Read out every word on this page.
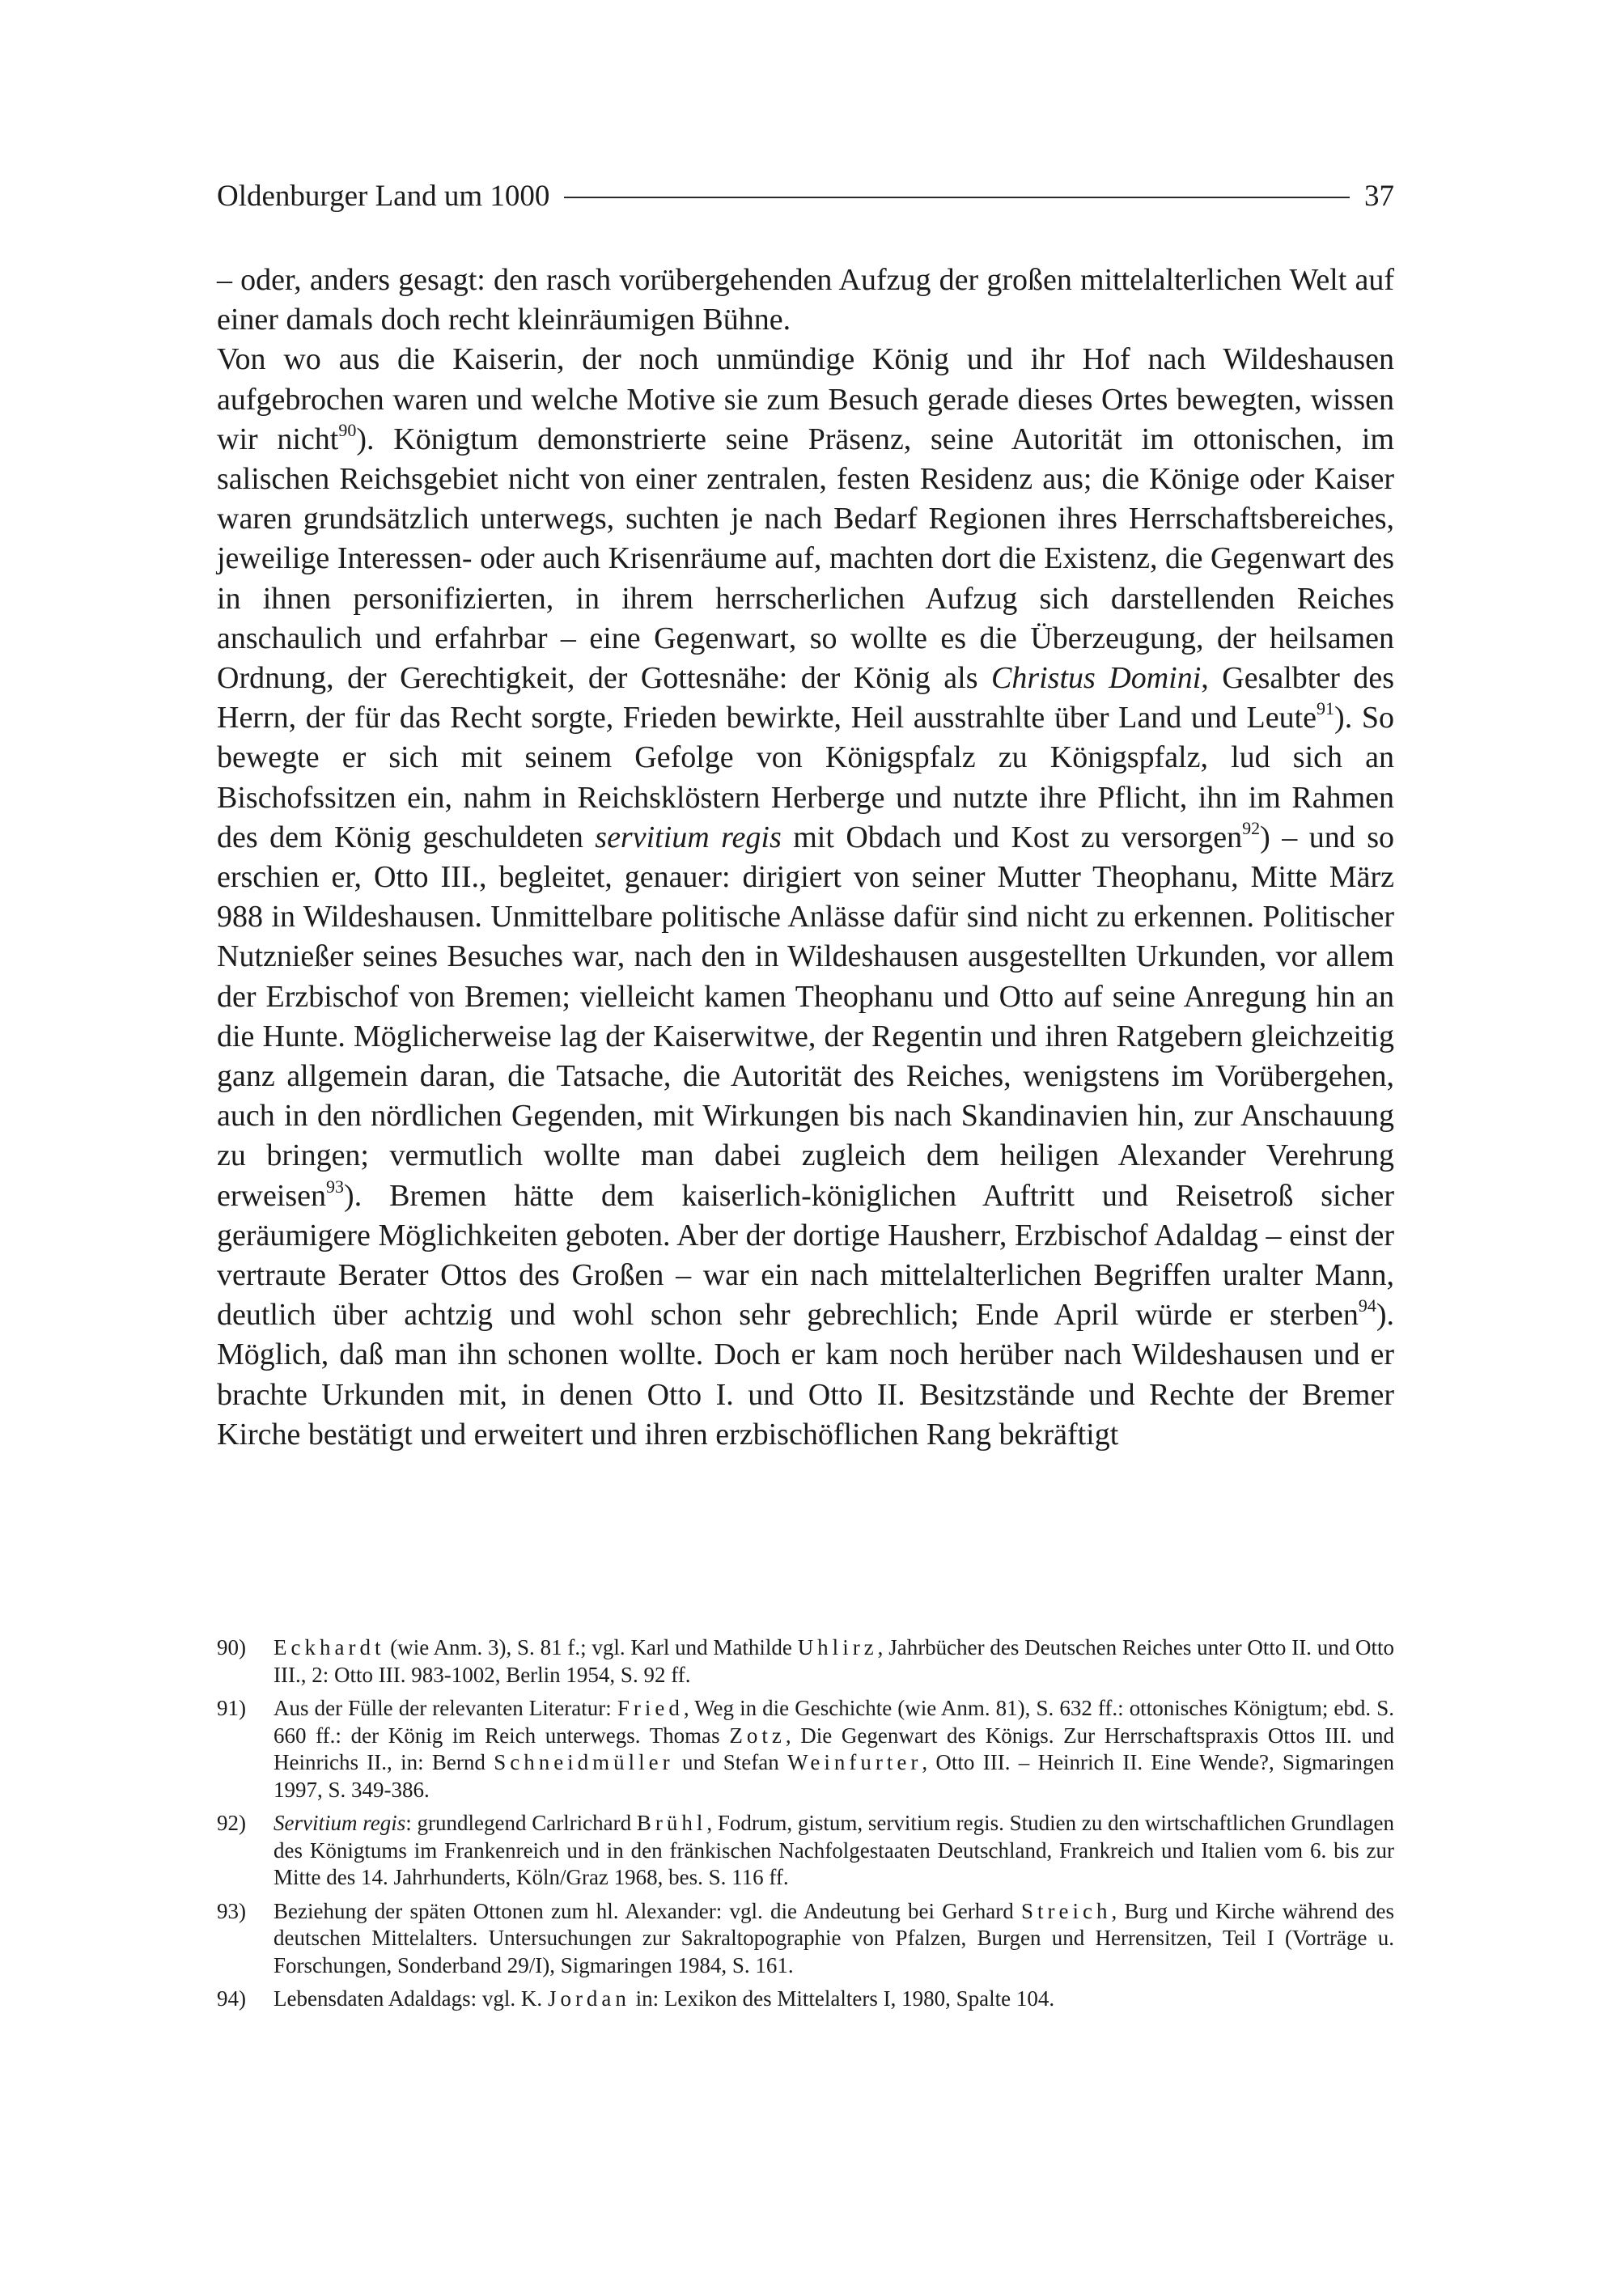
Oldenburger Land um 1000	37

– oder, anders gesagt: den rasch vorübergehenden Aufzug der großen mittelalterlichen Welt auf einer damals doch recht kleinräumigen Bühne.

Von wo aus die Kaiserin, der noch unmündige König und ihr Hof nach Wildeshausen aufgebrochen waren und welche Motive sie zum Besuch gerade dieses Ortes bewegten, wissen wir nicht$^{90}$). Königtum demonstrierte seine Präsenz, seine Autorität im ottonischen, im salischen Reichsgebiet nicht von einer zentralen, festen Residenz aus; die Könige oder Kaiser waren grundsätzlich unterwegs, suchten je nach Bedarf Regionen ihres Herrschaftsbereiches, jeweilige Interessen- oder auch Krisenräume auf, machten dort die Existenz, die Gegenwart des in ihnen personifizierten, in ihrem herrscherlichen Aufzug sich darstellenden Reiches anschaulich und erfahrbar – eine Gegenwart, so wollte es die Überzeugung, der heilsamen Ordnung, der Gerechtigkeit, der Gottesnähe: der König als Christus Domini, Gesalbter des Herrn, der für das Recht sorgte, Frieden bewirkte, Heil ausstrahlte über Land und Leute$^{91}$). So bewegte er sich mit seinem Gefolge von Königspfalz zu Königspfalz, lud sich an Bischofssitzen ein, nahm in Reichsklöstern Herberge und nutzte ihre Pflicht, ihn im Rahmen des dem König geschuldeten servitium regis mit Obdach und Kost zu versorgen$^{92}$) – und so erschien er, Otto III., begleitet, genauer: dirigiert von seiner Mutter Theophanu, Mitte März 988 in Wildeshausen. Unmittelbare politische Anlässe dafür sind nicht zu erkennen. Politischer Nutznießer seines Besuches war, nach den in Wildeshausen ausgestellten Urkunden, vor allem der Erzbischof von Bremen; vielleicht kamen Theophanu und Otto auf seine Anregung hin an die Hunte. Möglicherweise lag der Kaiserwitwe, der Regentin und ihren Ratgebern gleichzeitig ganz allgemein daran, die Tatsache, die Autorität des Reiches, wenigstens im Vorübergehen, auch in den nördlichen Gegenden, mit Wirkungen bis nach Skandinavien hin, zur Anschauung zu bringen; vermutlich wollte man dabei zugleich dem heiligen Alexander Verehrung erweisen$^{93}$). Bremen hätte dem kaiserlich-königlichen Auftritt und Reisetroß sicher geräumigere Möglichkeiten geboten. Aber der dortige Hausherr, Erzbischof Adaldag – einst der vertraute Berater Ottos des Großen – war ein nach mittelalterlichen Begriffen uralter Mann, deutlich über achtzig und wohl schon sehr gebrechlich; Ende April würde er sterben$^{94}$). Möglich, daß man ihn schonen wollte. Doch er kam noch herüber nach Wildeshausen und er brachte Urkunden mit, in denen Otto I. und Otto II. Besitzstände und Rechte der Bremer Kirche bestätigt und erweitert und ihren erzbischöflichen Rang bekräftigt

90)	Eckhardt (wie Anm. 3), S. 81 f.; vgl. Karl und Mathilde Uhlirz, Jahrbücher des Deutschen Reiches unter Otto II. und Otto III., 2: Otto III. 983-1002, Berlin 1954, S. 92 ff.
91)	Aus der Fülle der relevanten Literatur: Fried, Weg in die Geschichte (wie Anm. 81), S. 632 ff.: ottonisches Königtum; ebd. S. 660 ff.: der König im Reich unterwegs. Thomas Zotz, Die Gegenwart des Königs. Zur Herrschaftspraxis Ottos III. und Heinrichs II., in: Bernd Schneidmüller und Stefan Weinfurter, Otto III. – Heinrich II. Eine Wende?, Sigmaringen 1997, S. 349-386.
92)	Servitium regis: grundlegend Carlrichard Brühl, Fodrum, gistum, servitium regis. Studien zu den wirtschaftlichen Grundlagen des Königtums im Frankenreich und in den fränkischen Nachfolgestaaten Deutschland, Frankreich und Italien vom 6. bis zur Mitte des 14. Jahrhunderts, Köln/Graz 1968, bes. S. 116 ff.
93)	Beziehung der späten Ottonen zum hl. Alexander: vgl. die Andeutung bei Gerhard Streich, Burg und Kirche während des deutschen Mittelalters. Untersuchungen zur Sakraltopographie von Pfalzen, Burgen und Herrensitzen, Teil I (Vorträge u. Forschungen, Sonderband 29/I), Sigmaringen 1984, S. 161.
94)	Lebensdaten Adaldags: vgl. K. Jordan in: Lexikon des Mittelalters I, 1980, Spalte 104.
